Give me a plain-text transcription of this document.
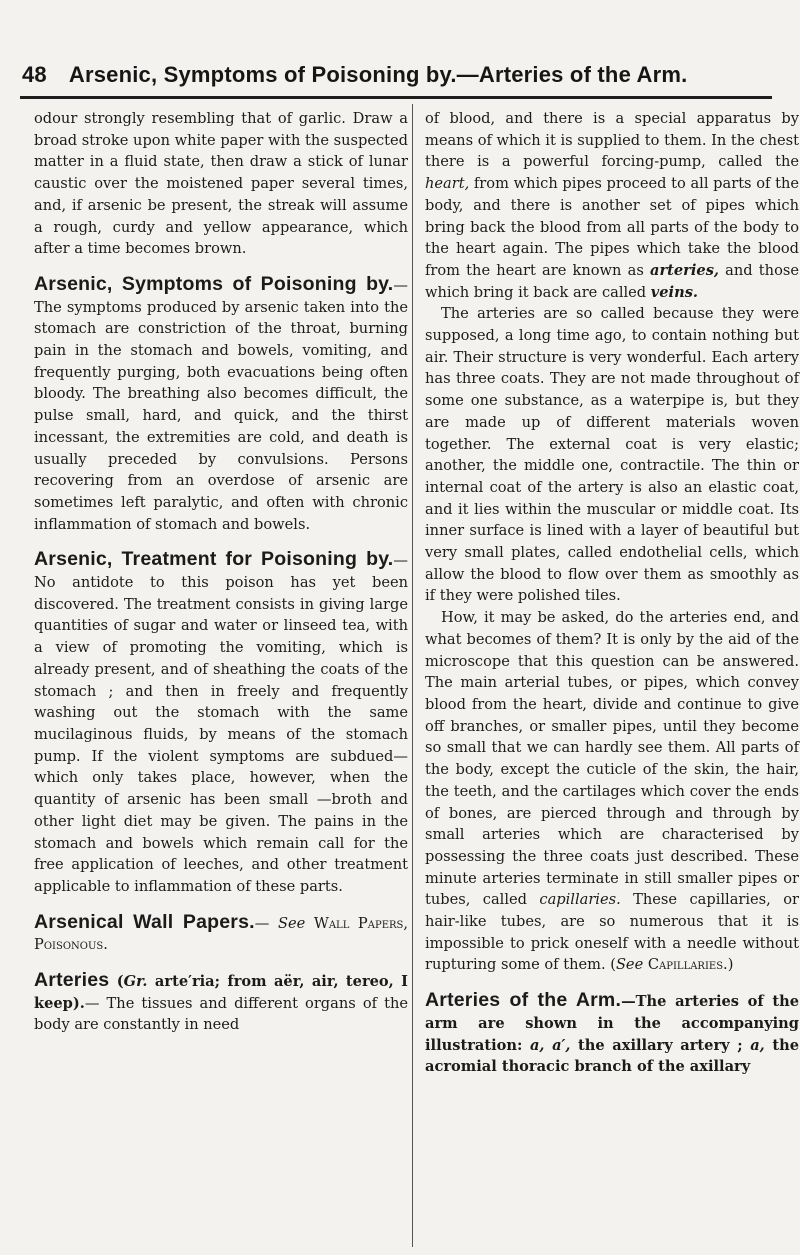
48 Arsenic, Symptoms of Poisoning by.—Arteries of the Arm.

odour strongly resembling that of garlic. Draw a broad stroke upon white paper with the suspected matter in a fluid state, then draw a stick of lunar caustic over the moistened paper several times, and, if arsenic be present, the streak will assume a rough, curdy and yellow appearance, which after a time becomes brown.

Arsenic, Symptoms of Poisoning by.—The symptoms produced by arsenic taken into the stomach are constriction of the throat, burning pain in the stomach and bowels, vomiting, and frequently purging, both evacuations being often bloody. The breathing also becomes difficult, the pulse small, hard, and quick, and the thirst incessant, the extremities are cold, and death is usually preceded by convulsions. Persons recovering from an overdose of arsenic are sometimes left paralytic, and often with chronic inflammation of stomach and bowels.

Arsenic, Treatment for Poisoning by.—No antidote to this poison has yet been discovered. The treatment consists in giving large quantities of sugar and water or linseed tea, with a view of promoting the vomiting, which is already present, and of sheathing the coats of the stomach ; and then in freely and frequently washing out the stomach with the same mucilaginous fluids, by means of the stomach pump. If the violent symptoms are subdued—which only takes place, however, when the quantity of arsenic has been small —broth and other light diet may be given. The pains in the stomach and bowels which remain call for the free application of leeches, and other treatment applicable to inflammation of these parts.

Arsenical Wall Papers.— See Wall Papers, Poisonous.

Arteries (Gr. arte′ria; from aër, air, tereo, I keep).— The tissues and different organs of the body are constantly in need

of blood, and there is a special apparatus by means of which it is supplied to them. In the chest there is a powerful forcing-pump, called the heart, from which pipes proceed to all parts of the body, and there is another set of pipes which bring back the blood from all parts of the body to the heart again. The pipes which take the blood from the heart are known as arteries, and those which bring it back are called veins.

The arteries are so called because they were supposed, a long time ago, to contain nothing but air. Their structure is very wonderful. Each artery has three coats. They are not made throughout of some one substance, as a waterpipe is, but they are made up of different materials woven together. The external coat is very elastic; another, the middle one, contractile. The thin or internal coat of the artery is also an elastic coat, and it lies within the muscular or middle coat. Its inner surface is lined with a layer of beautiful but very small plates, called endothelial cells, which allow the blood to flow over them as smoothly as if they were polished tiles.

How, it may be asked, do the arteries end, and what becomes of them? It is only by the aid of the microscope that this question can be answered. The main arterial tubes, or pipes, which convey blood from the heart, divide and continue to give off branches, or smaller pipes, until they become so small that we can hardly see them. All parts of the body, except the cuticle of the skin, the hair, the teeth, and the cartilages which cover the ends of bones, are pierced through and through by small arteries which are characterised by possessing the three coats just described. These minute arteries terminate in still smaller pipes or tubes, called capillaries. These capillaries, or hair-like tubes, are so numerous that it is impossible to prick oneself with a needle without rupturing some of them. (See Capillaries.)

Arteries of the Arm.—The arteries of the arm are shown in the accompanying illustration: a, a′, the axillary artery ; a, the acromial thoracic branch of the axillary
